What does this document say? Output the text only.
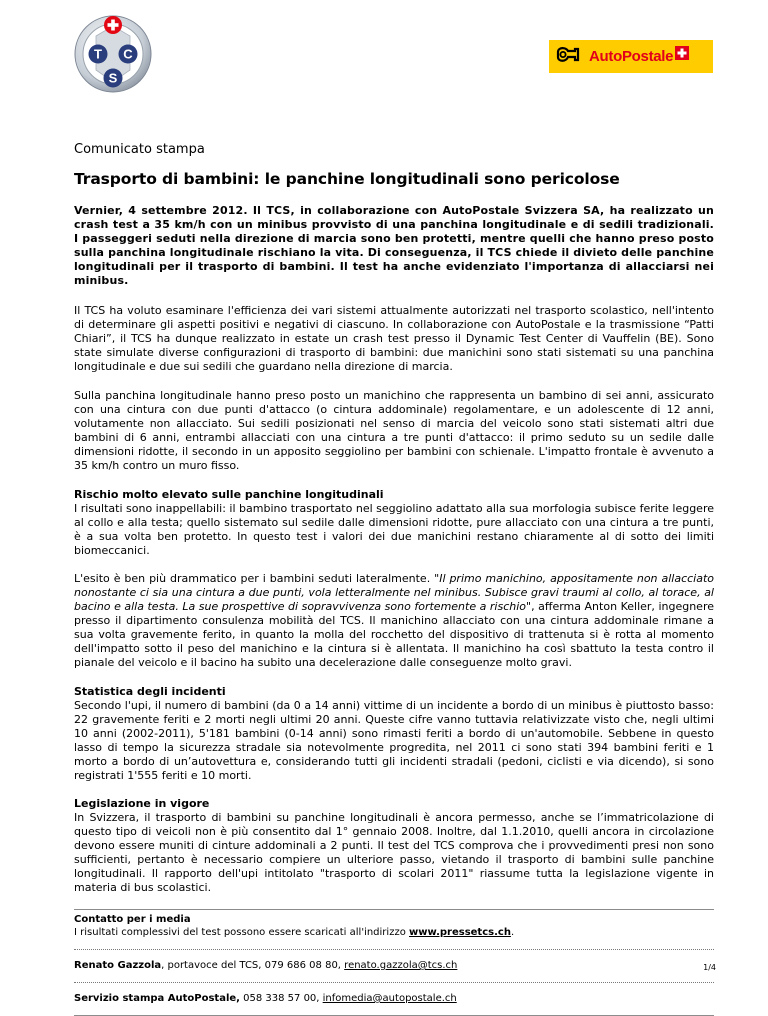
T C
S
AutoPostale
Comunicato stampa
Trasporto di bambini: le panchine longitudinali sono pericolose

Vernier, 4 settembre 2012. Il TCS, in collaborazione con AutoPostale Svizzera SA, ha realizzato un crash test a 35 km/h con un minibus provvisto di una panchina longitudinale e di sedili tradizionali. I passeggeri seduti nella direzione di marcia sono ben protetti, mentre quelli che hanno preso posto sulla panchina longitudinale rischiano la vita. Di conseguenza, il TCS chiede il divieto delle panchine longitudinali per il trasporto di bambini. Il test ha anche evidenziato l'importanza di allacciarsi nei minibus.

Il TCS ha voluto esaminare l'efficienza dei vari sistemi attualmente autorizzati nel trasporto scolastico, nell'intento di determinare gli aspetti positivi e negativi di ciascuno. In collaborazione con AutoPostale e la trasmissione “Patti Chiari”, il TCS ha dunque realizzato in estate un crash test presso il Dynamic Test Center di Vauffelin (BE). Sono state simulate diverse configurazioni di trasporto di bambini: due manichini sono stati sistemati su una panchina longitudinale e due sui sedili che guardano nella direzione di marcia.

Sulla panchina longitudinale hanno preso posto un manichino che rappresenta un bambino di sei anni, assicurato con una cintura con due punti d'attacco (o cintura addominale) regolamentare, e un adolescente di 12 anni, volutamente non allacciato. Sui sedili posizionati nel senso di marcia del veicolo sono stati sistemati altri due bambini di 6 anni, entrambi allacciati con una cintura a tre punti d'attacco: il primo seduto su un sedile dalle dimensioni ridotte, il secondo in un apposito seggiolino per bambini con schienale. L'impatto frontale è avvenuto a 35 km/h contro un muro fisso.

Rischio molto elevato sulle panchine longitudinali

I risultati sono inappellabili: il bambino trasportato nel seggiolino adattato alla sua morfologia subisce ferite leggere al collo e alla testa; quello sistemato sul sedile dalle dimensioni ridotte, pure allacciato con una cintura a tre punti, è a sua volta ben protetto. In questo test i valori dei due manichini restano chiaramente al di sotto dei limiti biomeccanici.

L'esito è ben più drammatico per i bambini seduti lateralmente. "Il primo manichino, appositamente non allacciato nonostante ci sia una cintura a due punti, vola letteralmente nel minibus. Subisce gravi traumi al collo, al torace, al bacino e alla testa. La sue prospettive di sopravvivenza sono fortemente a rischio", afferma Anton Keller, ingegnere presso il dipartimento consulenza mobilità del TCS. Il manichino allacciato con una cintura addominale rimane a sua volta gravemente ferito, in quanto la molla del rocchetto del dispositivo di trattenuta si è rotta al momento dell'impatto sotto il peso del manichino e la cintura si è allentata. Il manichino ha così sbattuto la testa contro il pianale del veicolo e il bacino ha subito una decelerazione dalle conseguenze molto gravi.

Statistica degli incidenti

Secondo l'upi, il numero di bambini (da 0 a 14 anni) vittime di un incidente a bordo di un minibus è piuttosto basso: 22 gravemente feriti e 2 morti negli ultimi 20 anni. Queste cifre vanno tuttavia relativizzate visto che, negli ultimi 10 anni (2002-2011), 5'181 bambini (0-14 anni) sono rimasti feriti a bordo di un'automobile. Sebbene in questo lasso di tempo la sicurezza stradale sia notevolmente progredita, nel 2011 ci sono stati 394 bambini feriti e 1 morto a bordo di un’autovettura e, considerando tutti gli incidenti stradali (pedoni, ciclisti e via dicendo), si sono registrati 1'555 feriti e 10 morti.

Legislazione in vigore

In Svizzera, il trasporto di bambini su panchine longitudinali è ancora permesso, anche se l’immatricolazione di questo tipo di veicoli non è più consentito dal 1° gennaio 2008. Inoltre, dal 1.1.2010, quelli ancora in circolazione devono essere muniti di cinture addominali a 2 punti. Il test del TCS comprova che i provvedimenti presi non sono sufficienti, pertanto è necessario compiere un ulteriore passo, vietando il trasporto di bambini sulle panchine longitudinali. Il rapporto dell'upi intitolato "trasporto di scolari 2011" riassume tutta la legislazione vigente in materia di bus scolastici.

Contatto per i media
I risultati complessivi del test possono essere scaricati all'indirizzo www.pressetcs.ch.
Renato Gazzola, portavoce del TCS, 079 686 08 80, renato.gazzola@tcs.ch
Servizio stampa AutoPostale, 058 338 57 00, infomedia@autopostale.ch
1/4
